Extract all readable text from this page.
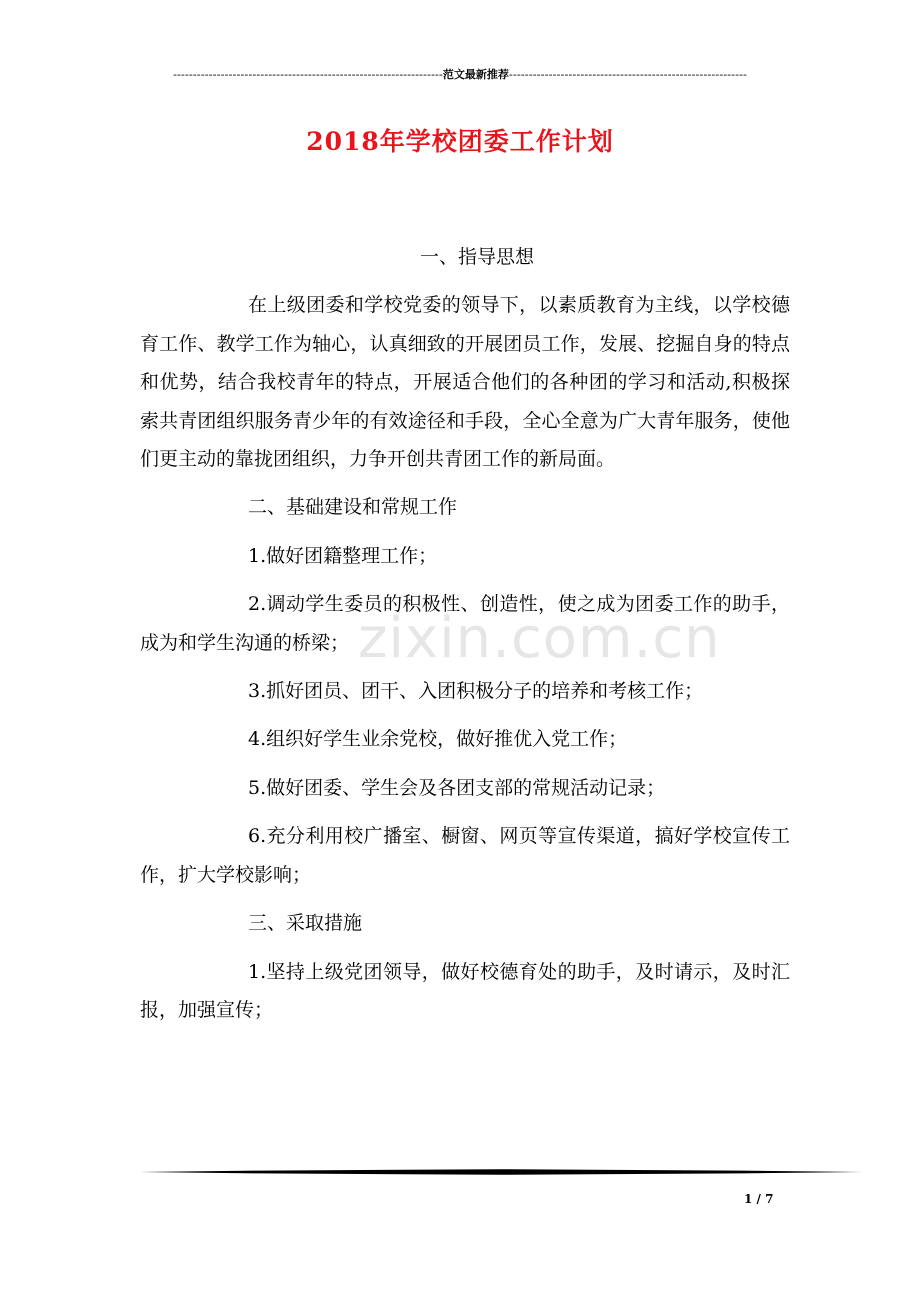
--------------------------------------------------------------------范文最新推荐------------------------------------------------------------
2018年学校团委工作计划

一、指导思想

在上级团委和学校党委的领导下，以素质教育为主线，以学校德育工作、教学工作为轴心，认真细致的开展团员工作，发展、挖掘自身的特点和优势，结合我校青年的特点，开展适合他们的各种团的学习和活动,积极探索共青团组织服务青少年的有效途径和手段，全心全意为广大青年服务，使他们更主动的靠拢团组织，力争开创共青团工作的新局面。

二、基础建设和常规工作

1.做好团籍整理工作；

2.调动学生委员的积极性、创造性，使之成为团委工作的助手，成为和学生沟通的桥梁；

3.抓好团员、团干、入团积极分子的培养和考核工作；

4.组织好学生业余党校，做好推优入党工作；

5.做好团委、学生会及各团支部的常规活动记录；

6.充分利用校广播室、橱窗、网页等宣传渠道，搞好学校宣传工作，扩大学校影响；

三、采取措施

1.坚持上级党团领导，做好校德育处的助手，及时请示，及时汇报，加强宣传；

zixin.com.cn
1 / 7
